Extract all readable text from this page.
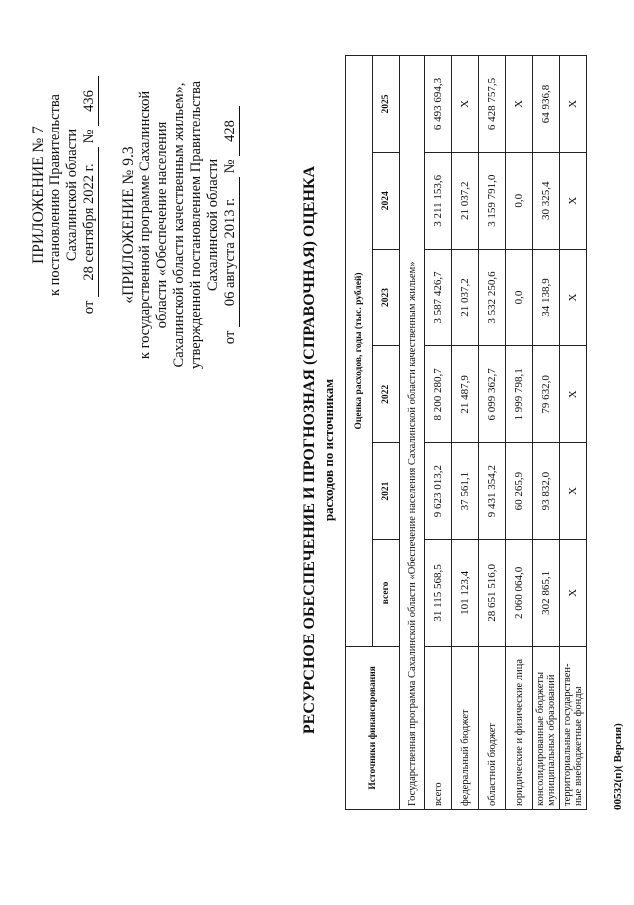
ПРИЛОЖЕНИЕ № 7 к постановлению Правительства Сахалинской области
от 28 сентября 2022 г. № 436
«ПРИЛОЖЕНИЕ № 9.3 к государственной программе Сахалинской области «Обеспечение населения Сахалинской области качественным жильем», утвержденной постановлением Правительства Сахалинской области
от 06 августа 2013 г. № 428
РЕСУРСНОЕ ОБЕСПЕЧЕНИЕ И ПРОГНОЗНАЯ (СПРАВОЧНАЯ) ОЦЕНКА расходов по источникам
Источники финансирования	Оценка расходов, годы (тыс. рублей)					
	всего	2021	2022	2023	2024	2025
Государственная программа Сахалинской области «Обеспечение населения Сахалинской области качественным жильем»						
всего	31 115 568,5	9 623 013,2	8 200 280,7	3 587 426,7	3 211 153,6	6 493 694,3
федеральный бюджет	101 123,4	37 561,1	21 487,9	21 037,2	21 037,2	Х
областной бюджет	28 651 516,0	9 431 354,2	6 099 362,7	3 532 250,6	3 159 791,0	6 428 757,5
юридические и физические лица	2 060 064,0	60 265,9	1 999 798,1	0,0	0,0	Х
консолидированные бюджеты муниципальных образований	302 865,1	93 832,0	79 632,0	34 138,9	30 325,4	64 936,8
территориальные государствен-ные внебюджетные фонды	Х	Х	Х	Х	Х	Х
00532(п)( Версия)
